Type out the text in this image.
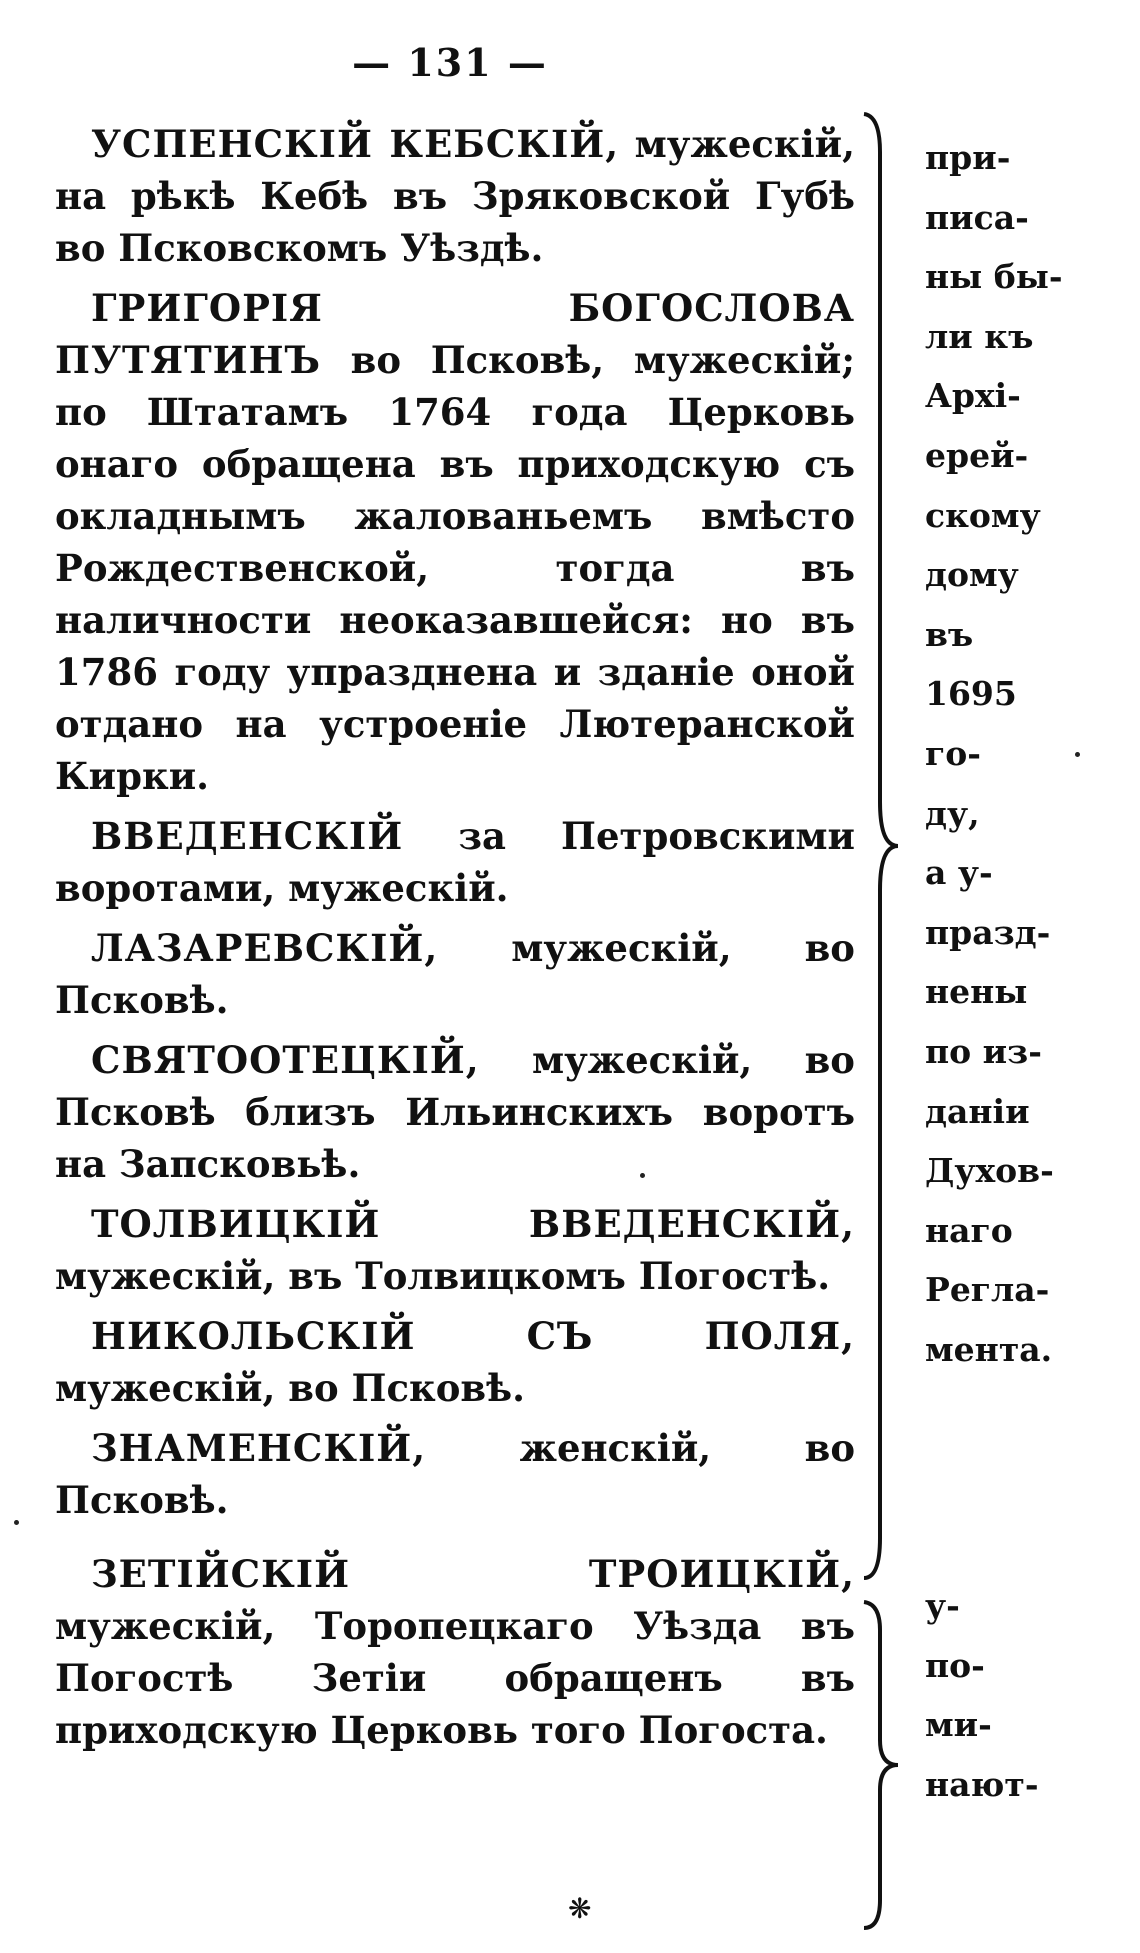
— 131 —

УСПЕНСКІЙ КЕБСКІЙ, мужескій, на рѣкѣ Кебѣ въ Зряковской Губѣ во Псковскомъ Уѣздѣ.

ГРИГОРІЯ БОГОСЛОВА ПУТЯТИНЪ во Псковѣ, мужескій; по Штатамъ 1764 года Церковь онаго обращена въ приходскую съ окладнымъ жалованьемъ вмѣсто Рождественской, тогда въ наличности неоказавшейся: но въ 1786 году упразднена и зданіе оной отдано на устроеніе Лютеранской Кирки.

ВВЕДЕНСКІЙ за Петровскими воротами, мужескій.

ЛАЗАРЕВСКІЙ, мужескій, во Псковѣ.

СВЯТООТЕЦКІЙ, мужескій, во Псковѣ близъ Ильинскихъ воротъ на Запсковьѣ.

ТОЛВИЦКІЙ ВВЕДЕНСКІЙ, мужескій, въ Толвицкомъ Погостѣ.

НИКОЛЬСКІЙ СЪ ПОЛЯ, мужескій, во Псковѣ.

ЗНАМЕНСКІЙ, женскій, во Псковѣ.

ЗЕТІЙСКІЙ ТРОИЦКІЙ, мужескій, Торопецкаго Уѣзда въ Погостѣ Зетіи обращенъ въ приходскую Церковь того Погоста.

при-
писа-
ны бы-
ли къ
Архі-
ерей-
скому
дому
въ
1695
го-
ду,
а у-
празд-
нены
по из-
даніи
Духов-
наго
Регла-
мента.
у-
по-
ми-
нают-
❋
